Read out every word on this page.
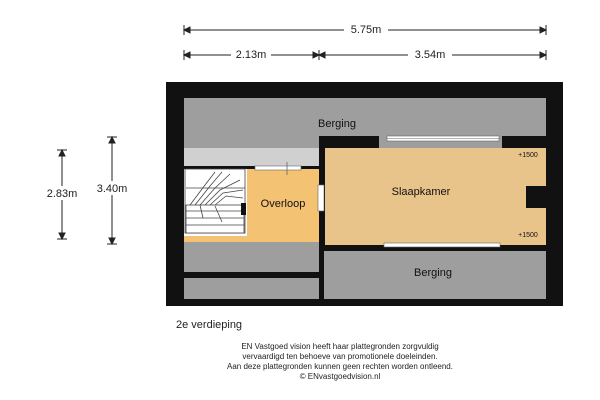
5.75m
2.13m	3.54m
2.83m 3.40m
Berging
Overloop
Slaapkamer
Berging
+1500
+1500
2e verdieping
EN Vastgoed vision heeft haar plattegronden zorgvuldig
vervaardigd ten behoeve van promotionele doeleinden.
Aan deze plattegronden kunnen geen rechten worden ontleend.
© ENvastgoedvision.nl
